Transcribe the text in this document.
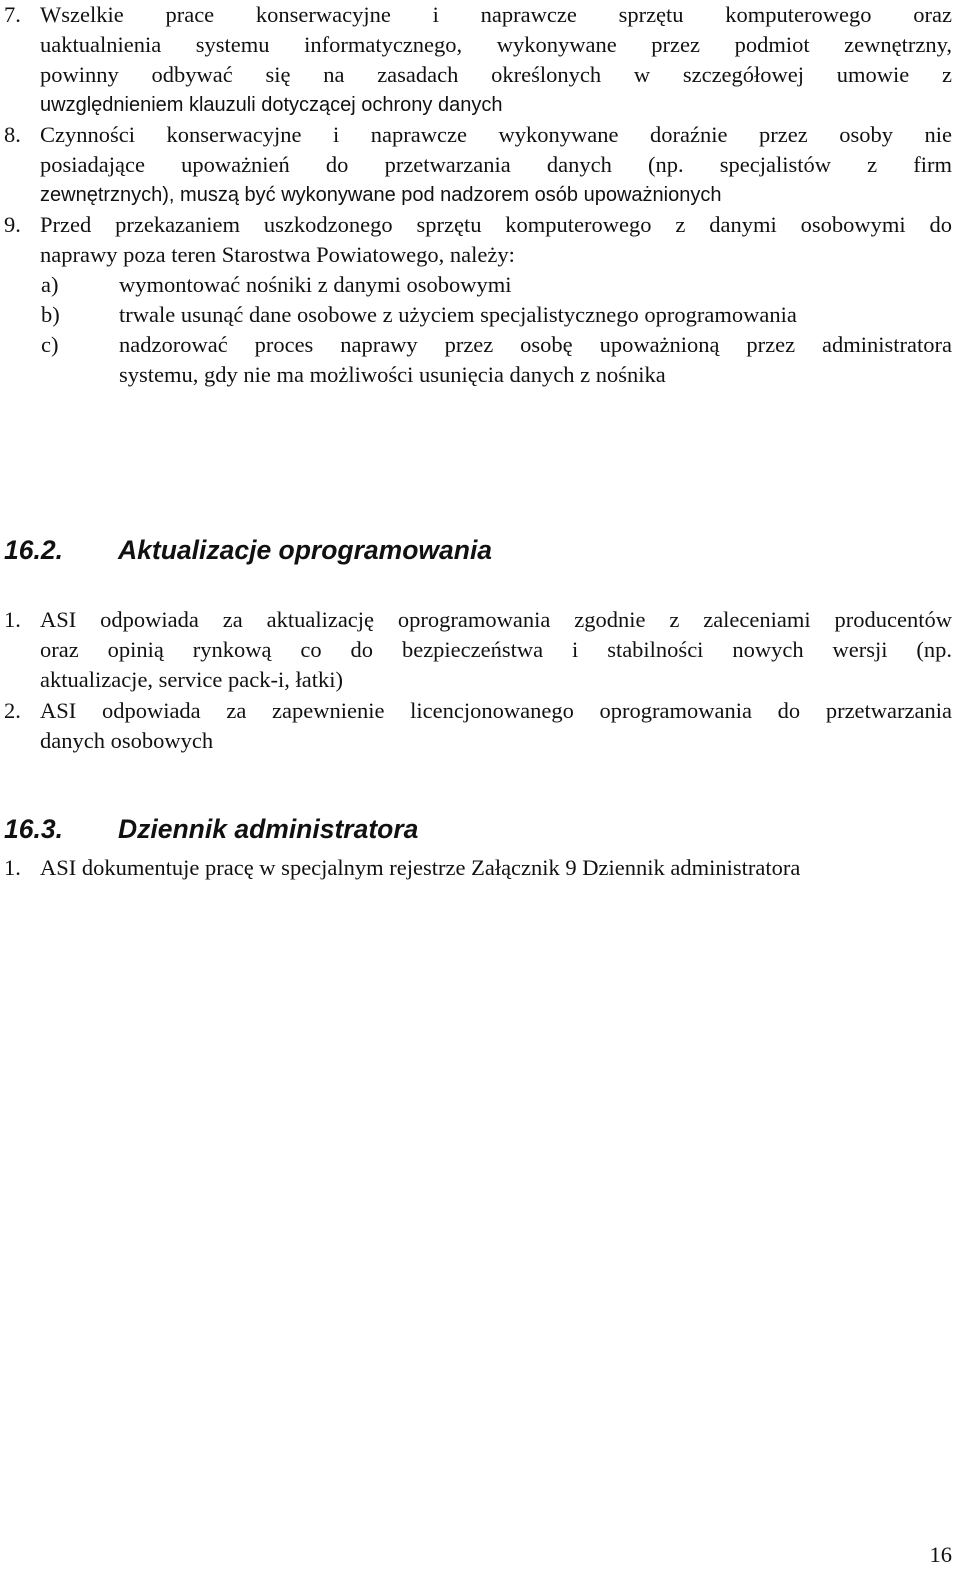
7. Wszelkie prace konserwacyjne i naprawcze sprzętu komputerowego oraz
uaktualnienia systemu informatycznego, wykonywane przez podmiot zewnętrzny,
powinny odbywać się na zasadach określonych w szczegółowej umowie z
uwzględnieniem klauzuli dotyczącej ochrony danych
8. Czynności konserwacyjne i naprawcze wykonywane doraźnie przez osoby nie
posiadające upoważnień do przetwarzania danych (np. specjalistów z firm
zewnętrznych), muszą być wykonywane pod nadzorem osób upoważnionych
9. Przed przekazaniem uszkodzonego sprzętu komputerowego z danymi osobowymi do
naprawy poza teren Starostwa Powiatowego, należy:
a)	wymontować nośniki z danymi osobowymi
b)	trwale usunąć dane osobowe z użyciem specjalistycznego oprogramowania
c)	nadzorować proces naprawy przez osobę upoważnioną przez administratora
systemu, gdy nie ma możliwości usunięcia danych z nośnika
16.2. Aktualizacje oprogramowania
1. ASI odpowiada za aktualizację oprogramowania zgodnie z zaleceniami producentów
oraz opinią rynkową co do bezpieczeństwa i stabilności nowych wersji (np.
aktualizacje, service pack-i, łatki)
2. ASI odpowiada za zapewnienie licencjonowanego oprogramowania do przetwarzania
danych osobowych
16.3. Dziennik administratora
1. ASI dokumentuje pracę w specjalnym rejestrze Załącznik 9 Dziennik administratora
16
